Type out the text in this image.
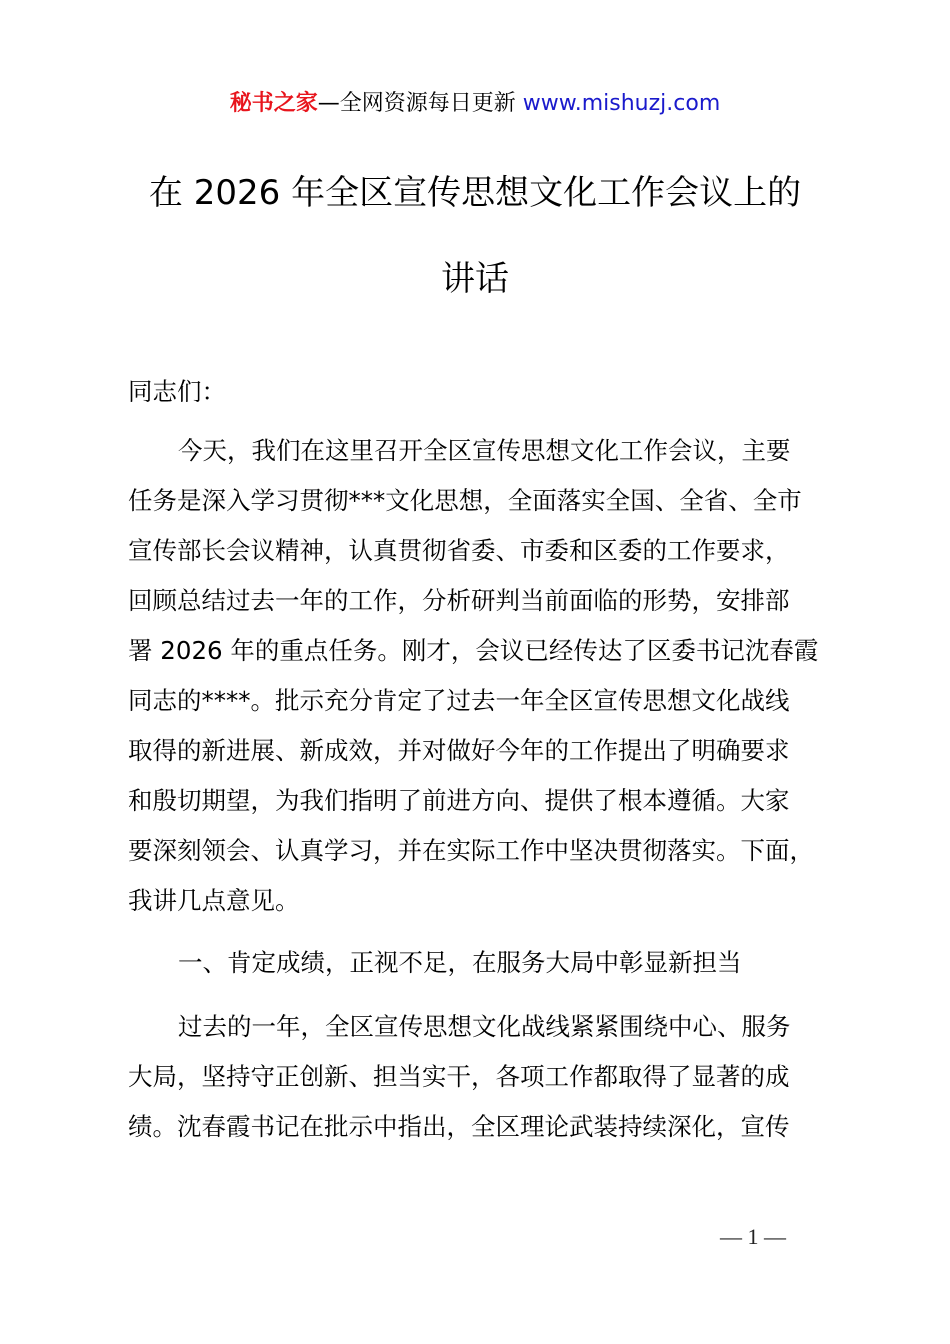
秘书之家—全网资源每日更新 www.mishuzj.com
在 2026 年全区宣传思想文化工作会议上的
讲话
同志们：
今天，我们在这里召开全区宣传思想文化工作会议，主要
任务是深入学习贯彻***文化思想，全面落实全国、全省、全市
宣传部长会议精神，认真贯彻省委、市委和区委的工作要求，
回顾总结过去一年的工作，分析研判当前面临的形势，安排部
署 2026 年的重点任务。刚才，会议已经传达了区委书记沈春霞
同志的****。批示充分肯定了过去一年全区宣传思想文化战线
取得的新进展、新成效，并对做好今年的工作提出了明确要求
和殷切期望，为我们指明了前进方向、提供了根本遵循。大家
要深刻领会、认真学习，并在实际工作中坚决贯彻落实。下面，
我讲几点意见。
一、肯定成绩，正视不足，在服务大局中彰显新担当
过去的一年，全区宣传思想文化战线紧紧围绕中心、服务
大局，坚持守正创新、担当实干，各项工作都取得了显著的成
绩。沈春霞书记在批示中指出，全区理论武装持续深化，宣传
— 1 —
